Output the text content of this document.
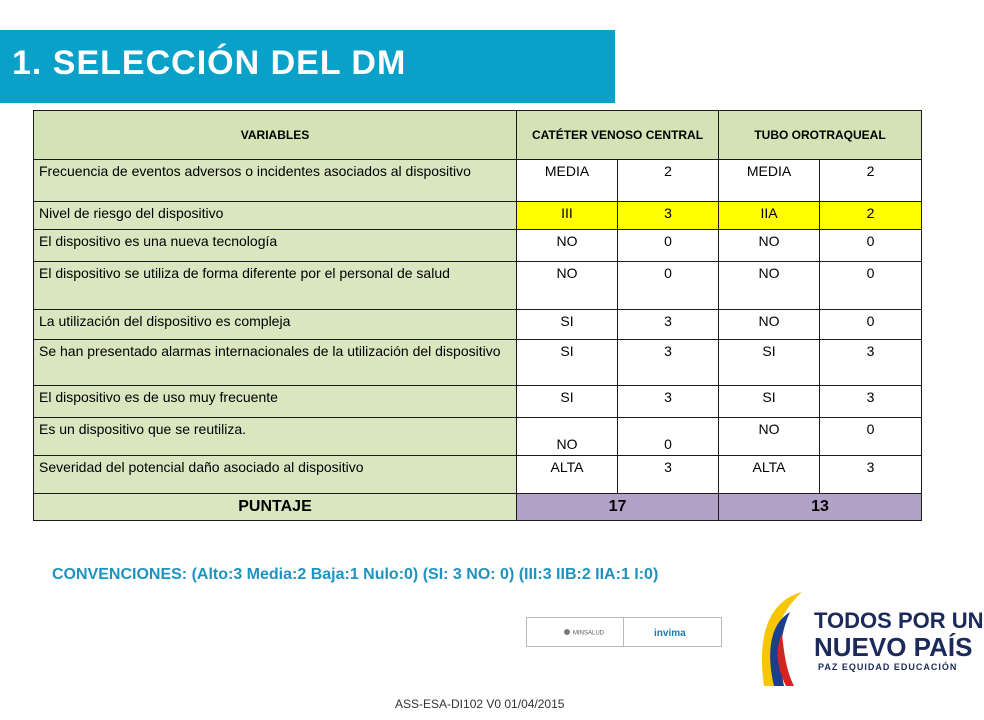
1. SELECCIÓN DEL DM
VARIABLES	CATÉTER VENOSO CENTRAL		TUBO OROTRAQUEAL	
Frecuencia de eventos adversos o incidentes asociados al dispositivo	MEDIA	2	MEDIA	2
Nivel de riesgo del dispositivo	III	3	IIA	2
El dispositivo es una nueva tecnología	NO	0	NO	0
El dispositivo se utiliza de forma diferente por el personal de salud	NO	0	NO	0
La utilización del dispositivo es compleja	SI	3	NO	0
Se han presentado alarmas internacionales de la utilización del dispositivo	SI	3	SI	3
El dispositivo es de uso muy frecuente	SI	3	SI	3
Es un dispositivo que se reutiliza.	NO	0	NO	0
Severidad del potencial daño asociado al dispositivo	ALTA	3	ALTA	3
PUNTAJE	17		13	
CONVENCIONES: (Alto:3 Media:2 Baja:1 Nulo:0) (SI: 3 NO: 0) (III:3 IIB:2 IIA:1 I:0)
MINSALUD	invima
TODOS POR UN
NUEVO PAÍS
PAZ EQUIDAD EDUCACIÓN
ASS-ESA-DI102 V0 01/04/2015
